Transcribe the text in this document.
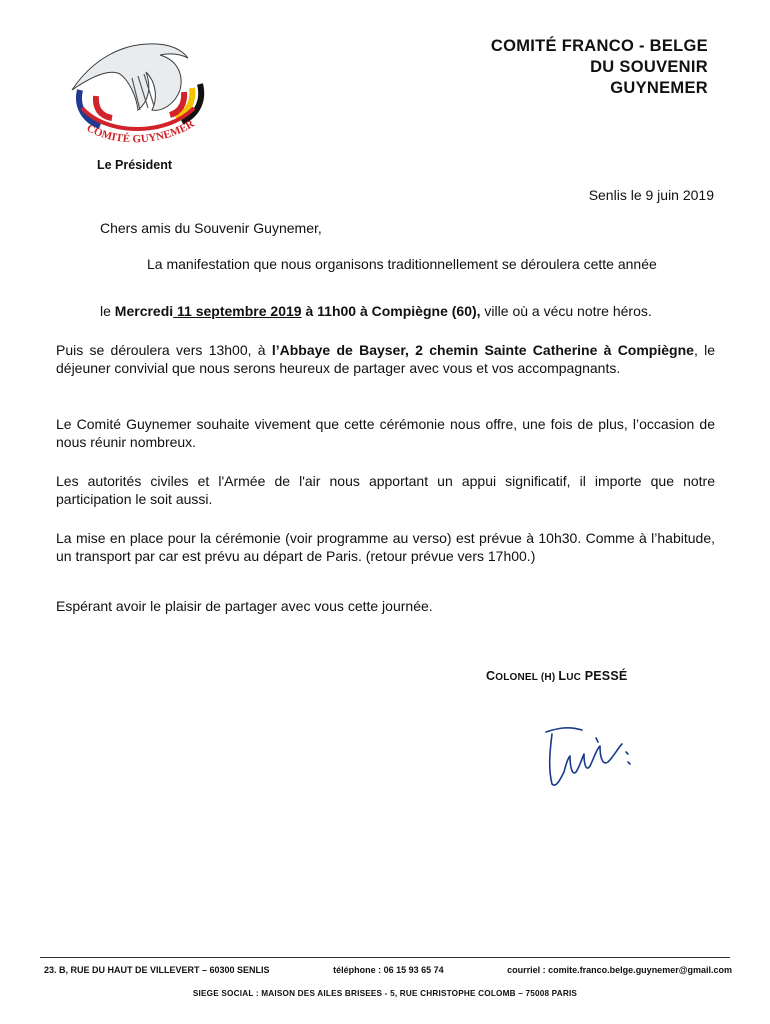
COMITÉ GUYNEMER
COMITÉ FRANCO - BELGE
DU SOUVENIR
GUYNEMER
Le Président
Senlis le 9 juin 2019
Chers amis du Souvenir Guynemer,
La manifestation que nous organisons traditionnellement se déroulera cette année
le Mercredi 11 septembre 2019 à 11h00 à Compiègne (60), ville où a vécu notre héros.
Puis se déroulera vers 13h00, à l’Abbaye de Bayser, 2 chemin Sainte Catherine à Compiègne, le déjeuner convivial que nous serons heureux de partager avec vous et vos accompagnants.
Le Comité Guynemer souhaite vivement que cette cérémonie nous offre, une fois de plus, l’occasion de nous réunir nombreux.
Les autorités civiles et l'Armée de l'air nous apportant un appui significatif, il importe que notre participation le soit aussi.
La mise en place pour la cérémonie (voir programme au verso) est prévue à 10h30. Comme à l’habitude, un transport par car est prévu au départ de Paris. (retour prévue vers 17h00.)
Espérant avoir le plaisir de partager avec vous cette journée.
COLONEL (H) LUC PESSÉ
23. B, RUE DU HAUT DE VILLEVERT – 60300 SENLIS	téléphone : 06 15 93 65 74	courriel : comite.franco.belge.guynemer@gmail.com
SIEGE SOCIAL : MAISON DES AILES BRISEES - 5, RUE CHRISTOPHE COLOMB – 75008 PARIS
